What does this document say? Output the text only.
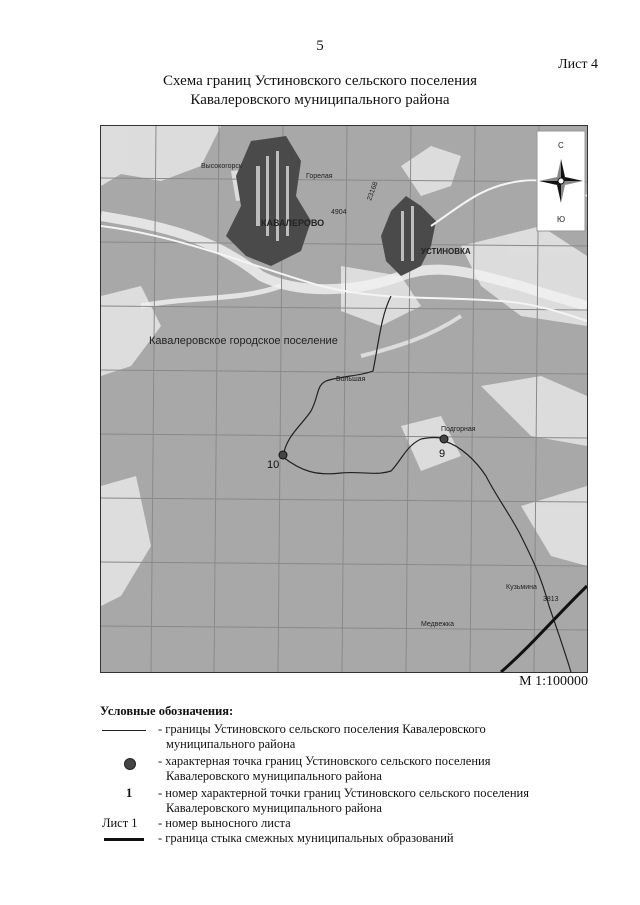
5
Лист 4
Схема границ Устиновского сельского поселения
Кавалеровского муниципального района
10
9
Кавалеровское городское поселение
КАВАЛЕРОВО
УСТИНОВКА
Горелая
Высокогорск
Подгорная
Большая
Кузьмина
Медвежка
4904
23168
3813
С
Ю
М 1:100000
Условные обозначения:
- границы Устиновского сельского поселения Кавалеровского
муниципального района
- характерная точка границ Устиновского сельского поселения
Кавалеровского муниципального района
1 - номер характерной точки границ Устиновского сельского поселения
Кавалеровского муниципального района
Лист 1 - номер выносного листа
- граница стыка смежных муниципальных образований
